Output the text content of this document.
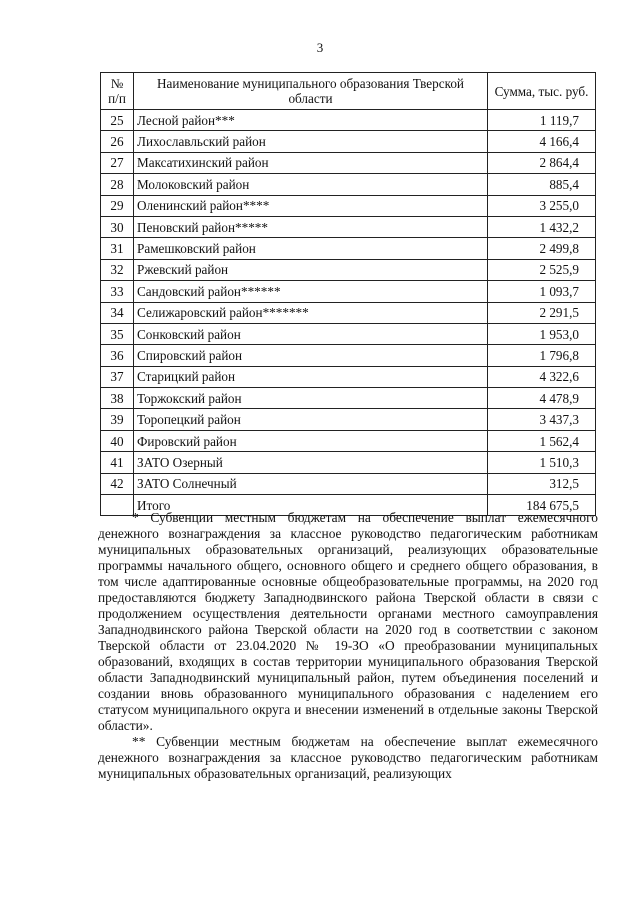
3
№ п/п	Наименование муниципального образования Тверской области	Сумма, тыс. руб.
25	Лесной район***	1 119,7
26	Лихославльский район	4 166,4
27	Максатихинский район	2 864,4
28	Молоковский район	885,4
29	Оленинский район****	3 255,0
30	Пеновский район*****	1 432,2
31	Рамешковский район	2 499,8
32	Ржевский район	2 525,9
33	Сандовский район******	1 093,7
34	Селижаровский район*******	2 291,5
35	Сонковский район	1 953,0
36	Спировский район	1 796,8
37	Старицкий район	4 322,6
38	Торжокский район	4 478,9
39	Торопецкий район	3 437,3
40	Фировский район	1 562,4
41	ЗАТО Озерный	1 510,3
42	ЗАТО Солнечный	312,5
	Итого	184 675,5

* Субвенции местным бюджетам на обеспечение выплат ежемесячного денежного вознаграждения за классное руководство педагогическим работникам муниципальных образовательных организаций, реализующих образовательные программы начального общего, основного общего и среднего общего образования, в том числе адаптированные основные общеобразовательные программы, на 2020 год предоставляются бюджету Западнодвинского района Тверской области в связи с продолжением осуществления деятельности органами местного самоуправления Западнодвинского района Тверской области на 2020 год в соответствии с законом Тверской области от 23.04.2020 № 19-ЗО «О преобразовании муниципальных образований, входящих в состав территории муниципального образования Тверской области Западнодвинский муниципальный район, путем объединения поселений и создании вновь образованного муниципального образования с наделением его статусом муниципального округа и внесении изменений в отдельные законы Тверской области».

** Субвенции местным бюджетам на обеспечение выплат ежемесячного денежного вознаграждения за классное руководство педагогическим работникам муниципальных образовательных организаций, реализующих
